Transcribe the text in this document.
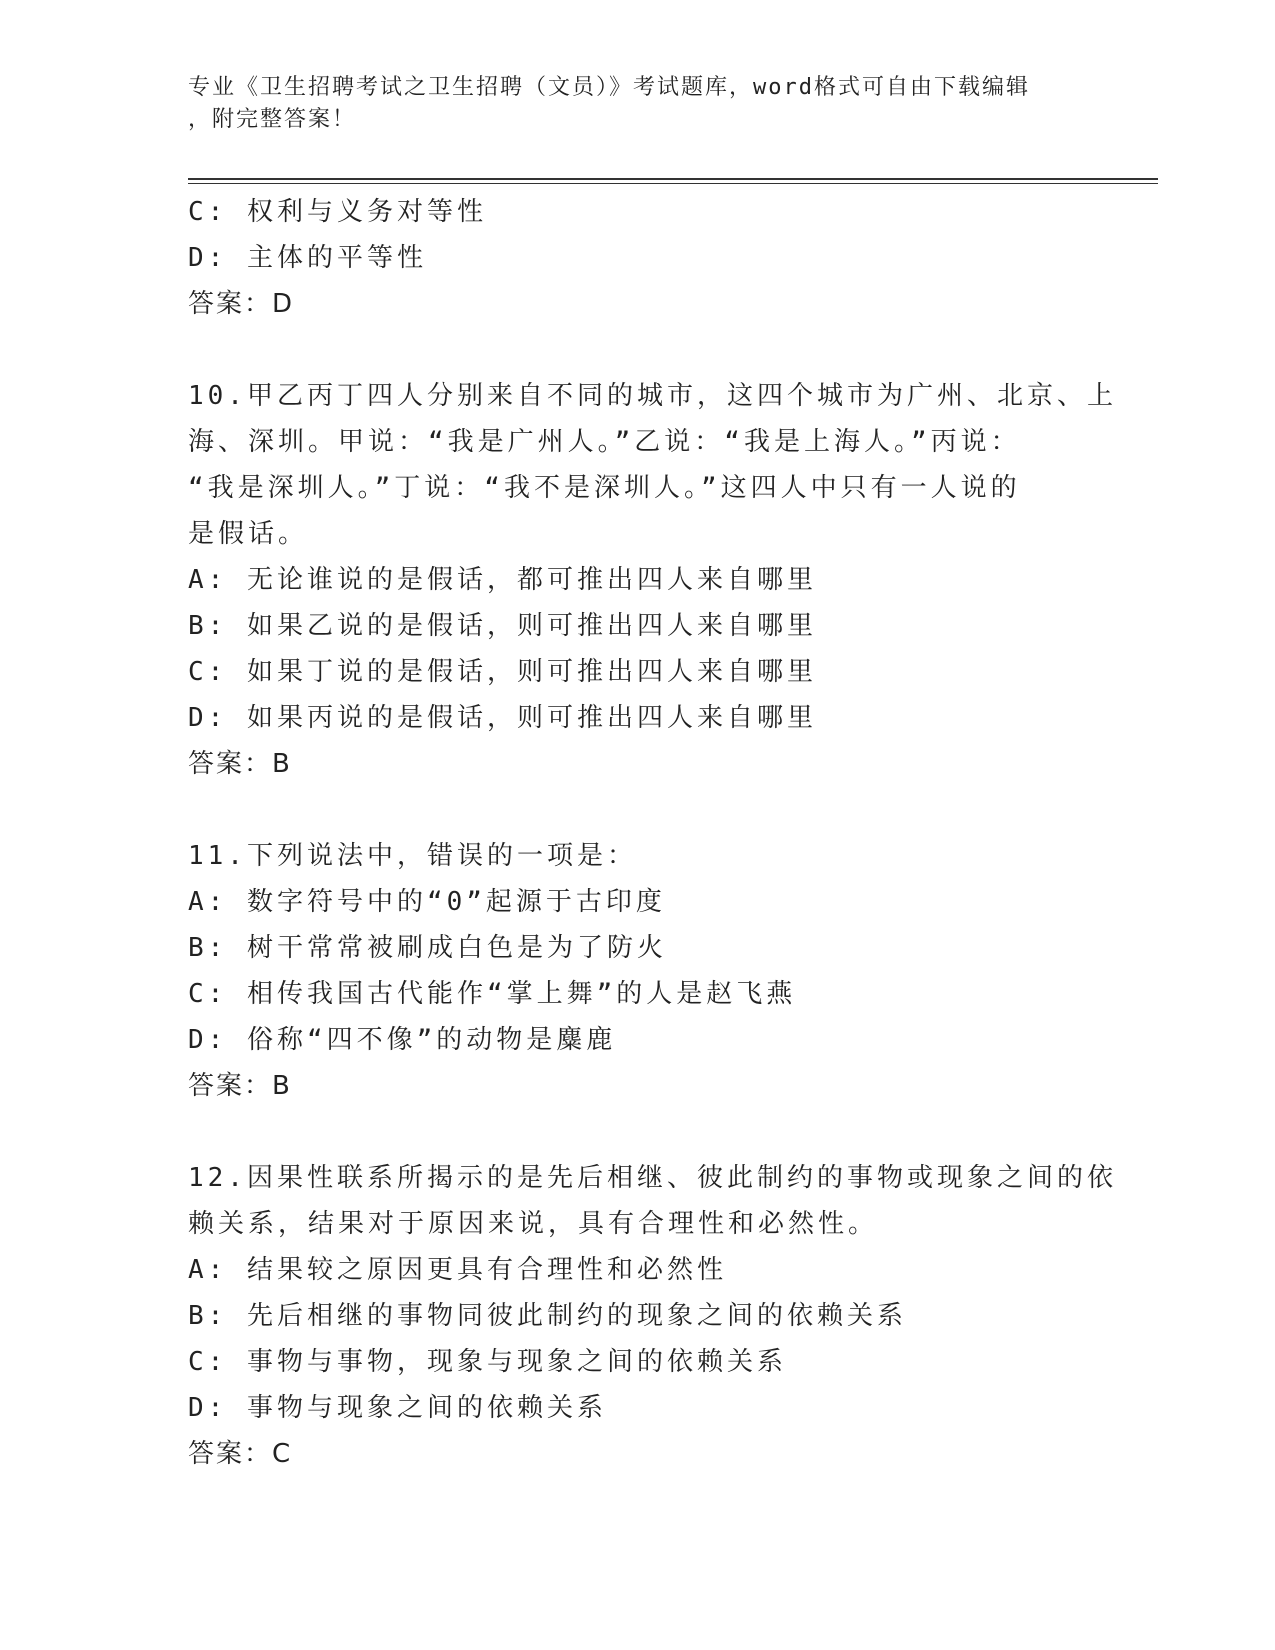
专业《卫生招聘考试之卫生招聘（文员）》考试题库，word格式可自由下载编辑
，附完整答案！
C: 权利与义务对等性
D: 主体的平等性
答案：D
10.甲乙丙丁四人分别来自不同的城市，这四个城市为广州、北京、上
海、深圳。甲说：“我是广州人。”乙说：“我是上海人。”丙说：
“我是深圳人。”丁说：“我不是深圳人。”这四人中只有一人说的
是假话。
A: 无论谁说的是假话，都可推出四人来自哪里
B: 如果乙说的是假话，则可推出四人来自哪里
C: 如果丁说的是假话，则可推出四人来自哪里
D: 如果丙说的是假话，则可推出四人来自哪里
答案：B
11.下列说法中，错误的一项是：
A: 数字符号中的“0”起源于古印度
B: 树干常常被刷成白色是为了防火
C: 相传我国古代能作“掌上舞”的人是赵飞燕
D: 俗称“四不像”的动物是麋鹿
答案：B
12.因果性联系所揭示的是先后相继、彼此制约的事物或现象之间的依
赖关系，结果对于原因来说，具有合理性和必然性。
A: 结果较之原因更具有合理性和必然性
B: 先后相继的事物同彼此制约的现象之间的依赖关系
C: 事物与事物，现象与现象之间的依赖关系
D: 事物与现象之间的依赖关系
答案：C
